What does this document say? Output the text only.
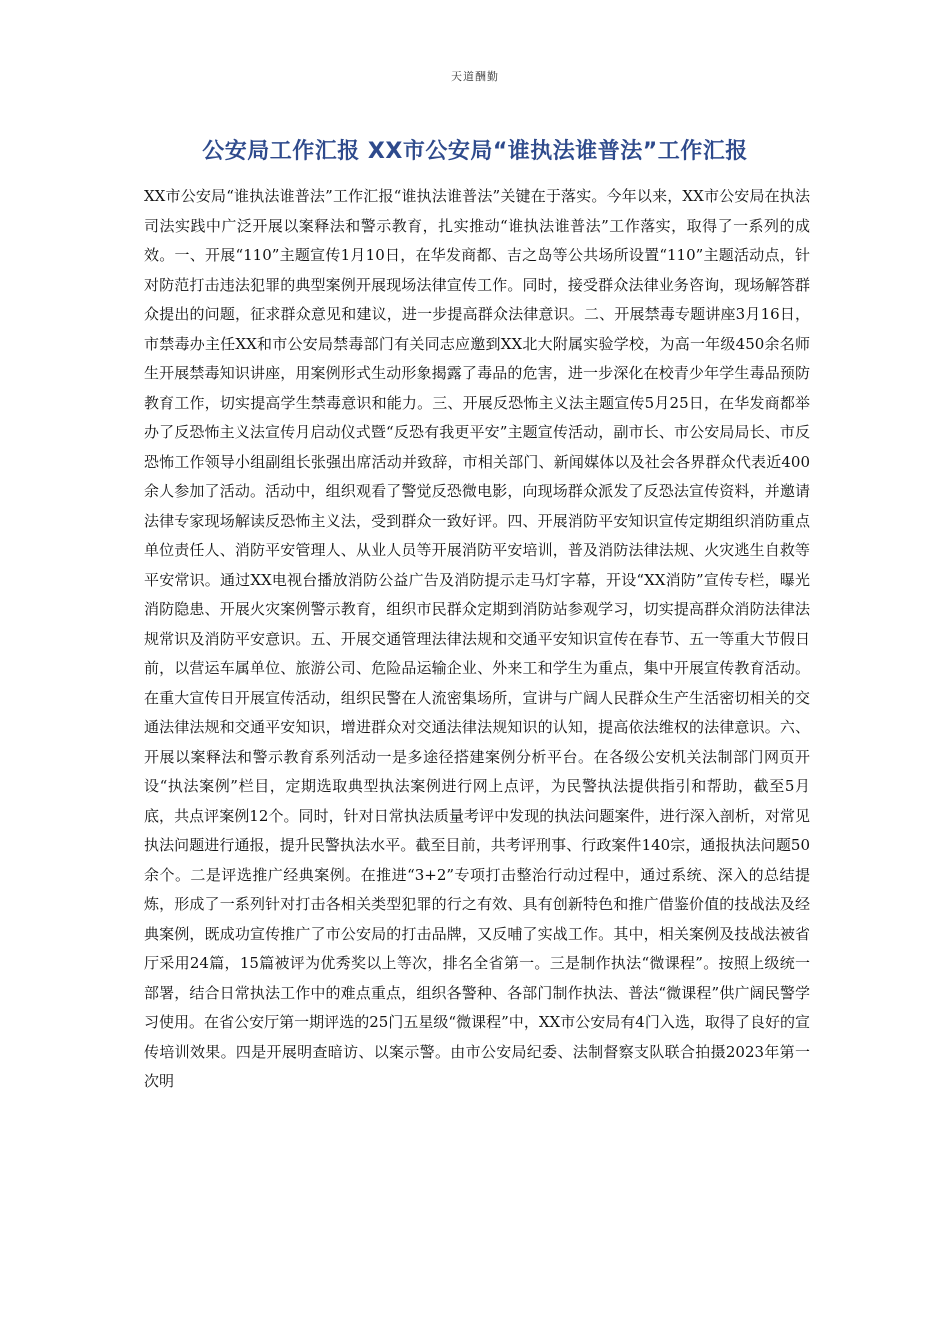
天道酬勤
公安局工作汇报 XX市公安局“谁执法谁普法”工作汇报
XX市公安局“谁执法谁普法”工作汇报“谁执法谁普法”关键在于落实。今年以来，XX市公安局在执法司法实践中广泛开展以案释法和警示教育，扎实推动“谁执法谁普法”工作落实，取得了一系列的成效。一、开展“110”主题宣传1月10日，在华发商都、吉之岛等公共场所设置“110”主题活动点，针对防范打击违法犯罪的典型案例开展现场法律宣传工作。同时，接受群众法律业务咨询，现场解答群众提出的问题，征求群众意见和建议，进一步提高群众法律意识。二、开展禁毒专题讲座3月16日，市禁毒办主任XX和市公安局禁毒部门有关同志应邀到XX北大附属实验学校，为高一年级450余名师生开展禁毒知识讲座，用案例形式生动形象揭露了毒品的危害，进一步深化在校青少年学生毒品预防教育工作，切实提高学生禁毒意识和能力。三、开展反恐怖主义法主题宣传5月25日，在华发商都举办了反恐怖主义法宣传月启动仪式暨“反恐有我更平安”主题宣传活动，副市长、市公安局局长、市反恐怖工作领导小组副组长张强出席活动并致辞，市相关部门、新闻媒体以及社会各界群众代表近400余人参加了活动。活动中，组织观看了警觉反恐微电影，向现场群众派发了反恐法宣传资料，并邀请法律专家现场解读反恐怖主义法，受到群众一致好评。四、开展消防平安知识宣传定期组织消防重点单位责任人、消防平安管理人、从业人员等开展消防平安培训，普及消防法律法规、火灾逃生自救等平安常识。通过XX电视台播放消防公益广告及消防提示走马灯字幕，开设“XX消防”宣传专栏，曝光消防隐患、开展火灾案例警示教育，组织市民群众定期到消防站参观学习，切实提高群众消防法律法规常识及消防平安意识。五、开展交通管理法律法规和交通平安知识宣传在春节、五一等重大节假日前，以营运车属单位、旅游公司、危险品运输企业、外来工和学生为重点，集中开展宣传教育活动。在重大宣传日开展宣传活动，组织民警在人流密集场所，宣讲与广阔人民群众生产生活密切相关的交通法律法规和交通平安知识，增进群众对交通法律法规知识的认知，提高依法维权的法律意识。六、开展以案释法和警示教育系列活动一是多途径搭建案例分析平台。在各级公安机关法制部门网页开设“执法案例”栏目，定期选取典型执法案例进行网上点评，为民警执法提供指引和帮助，截至5月底，共点评案例12个。同时，针对日常执法质量考评中发现的执法问题案件，进行深入剖析，对常见执法问题进行通报，提升民警执法水平。截至目前，共考评刑事、行政案件140宗，通报执法问题50余个。二是评选推广经典案例。在推进“3+2”专项打击整治行动过程中，通过系统、深入的总结提炼，形成了一系列针对打击各相关类型犯罪的行之有效、具有创新特色和推广借鉴价值的技战法及经典案例，既成功宣传推广了市公安局的打击品牌，又反哺了实战工作。其中，相关案例及技战法被省厅采用24篇，15篇被评为优秀奖以上等次，排名全省第一。三是制作执法“微课程”。按照上级统一部署，结合日常执法工作中的难点重点，组织各警种、各部门制作执法、普法“微课程”供广阔民警学习使用。在省公安厅第一期评选的25门五星级“微课程”中，XX市公安局有4门入选，取得了良好的宣传培训效果。四是开展明查暗访、以案示警。由市公安局纪委、法制督察支队联合拍摄2023年第一次明
